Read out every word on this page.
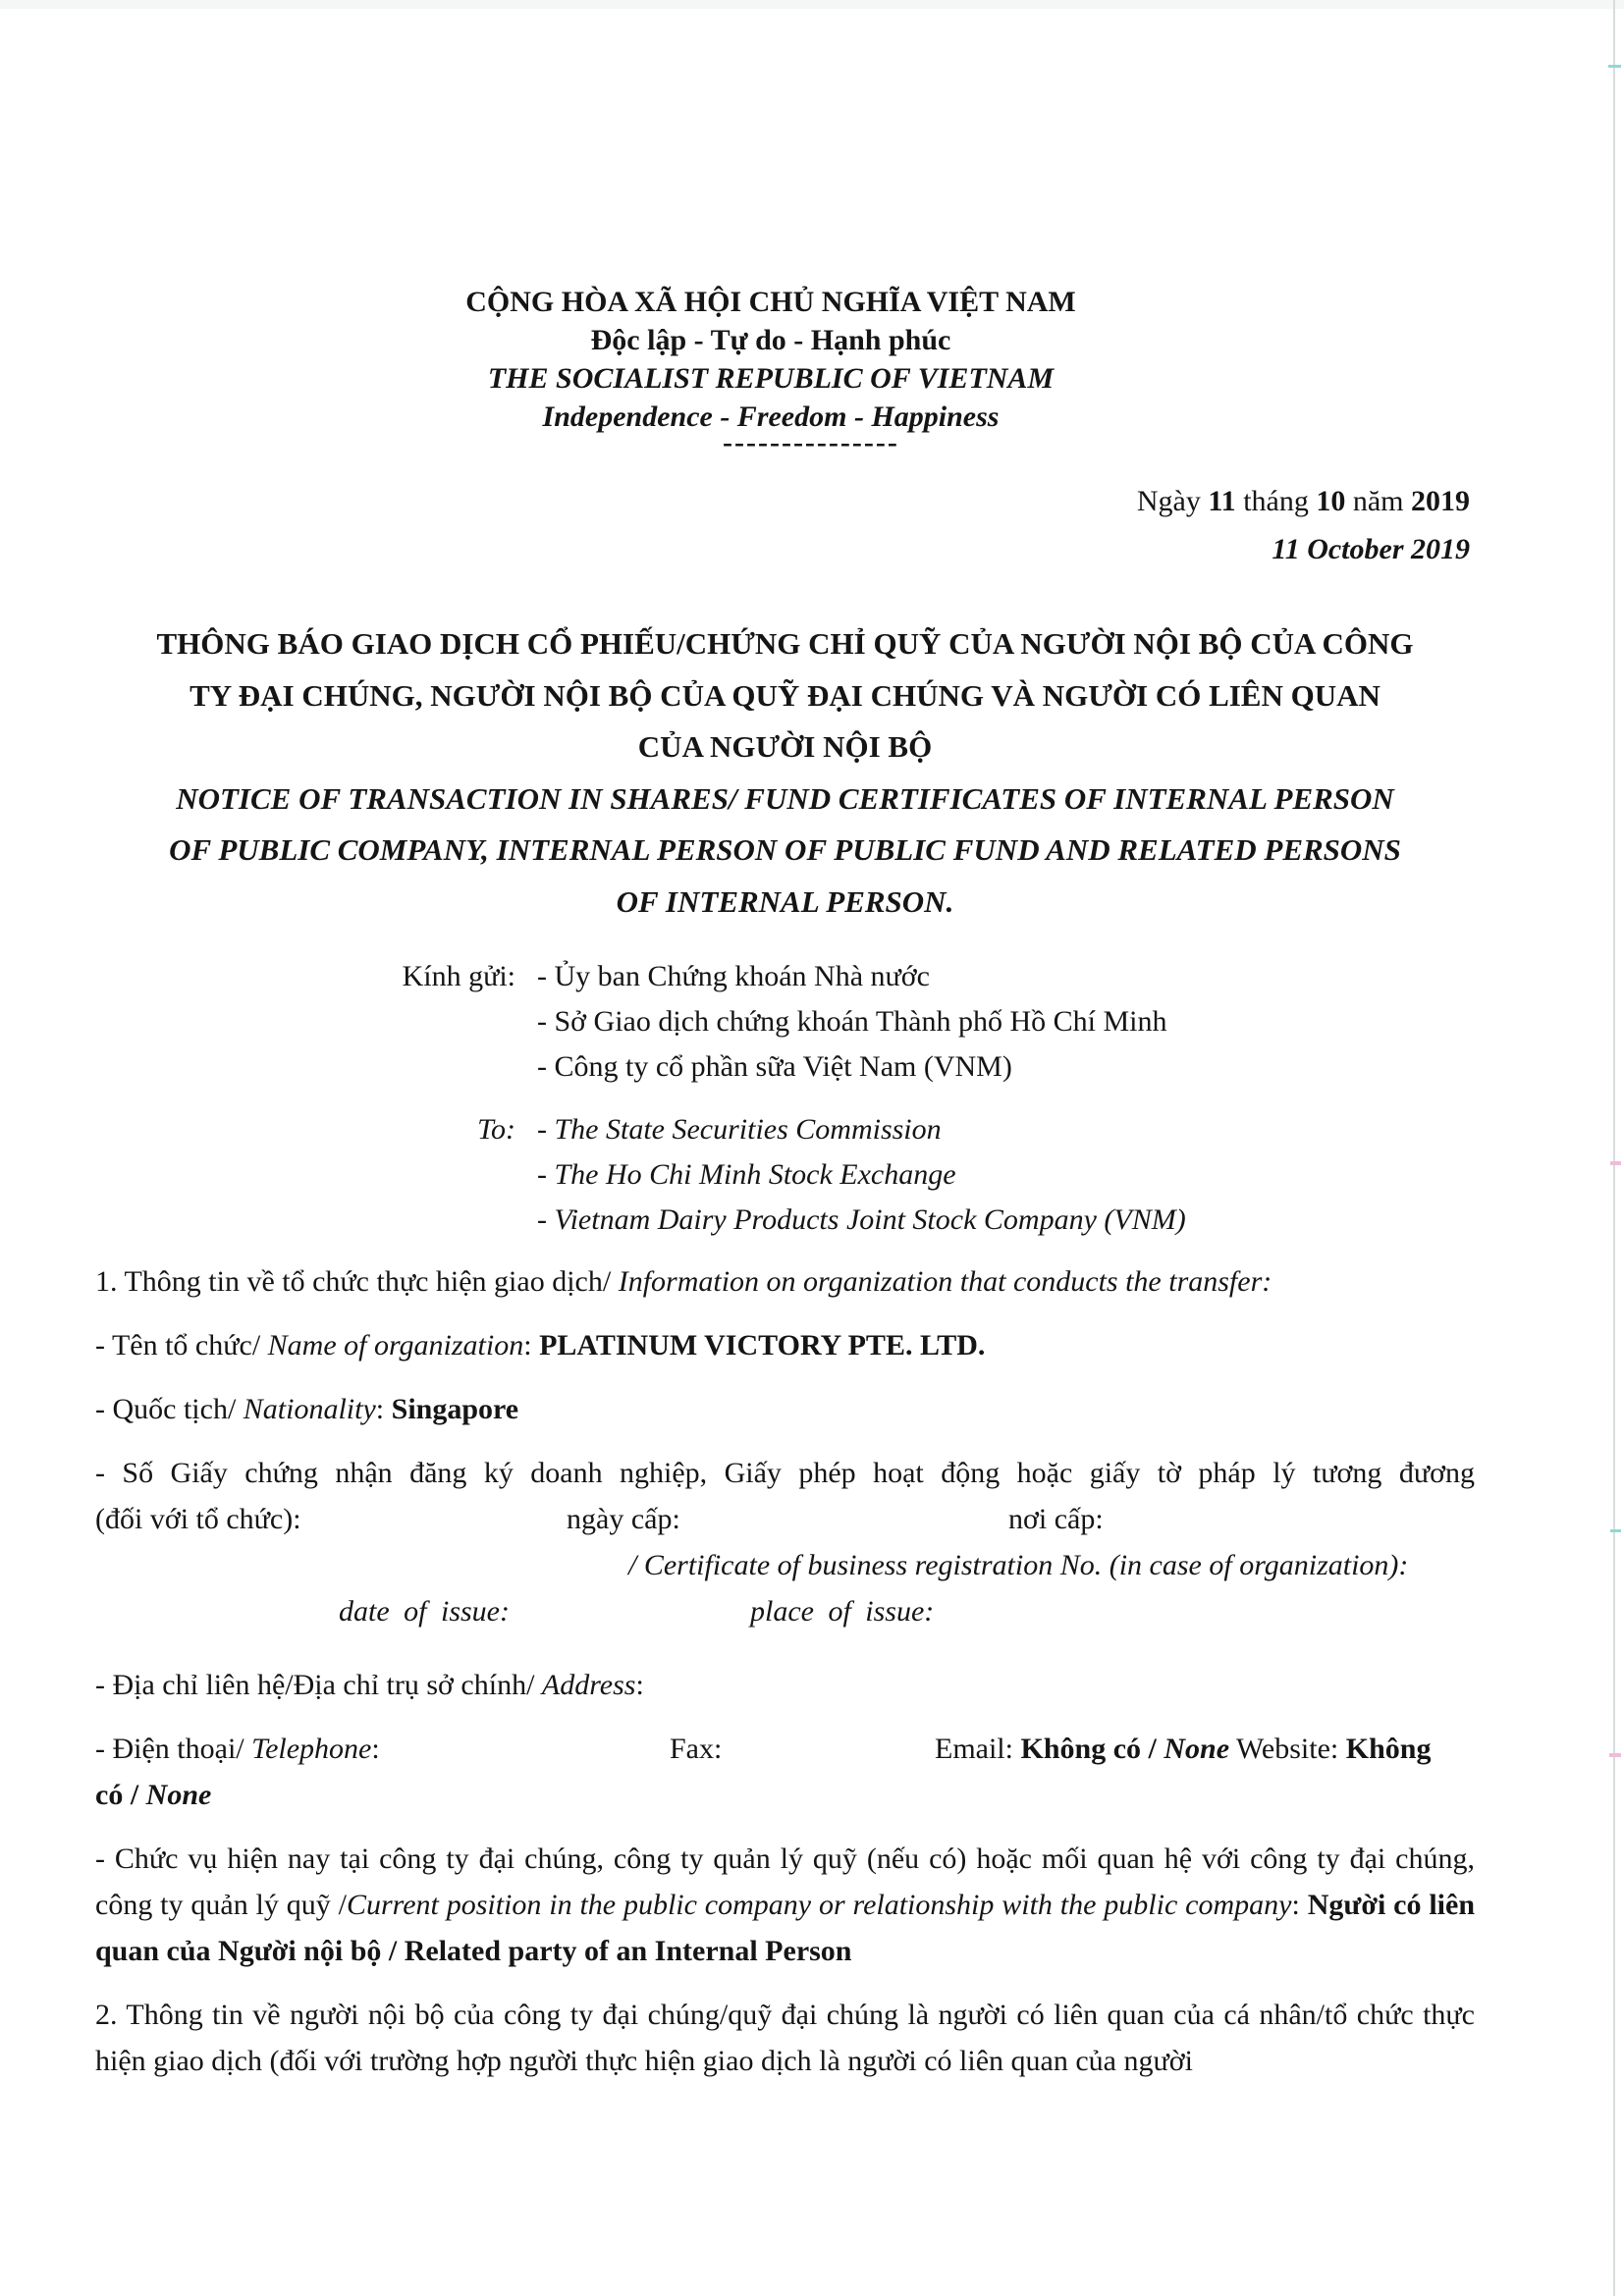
CỘNG HÒA XÃ HỘI CHỦ NGHĨA VIỆT NAM
Độc lập - Tự do - Hạnh phúc
THE SOCIALIST REPUBLIC OF VIETNAM
Independence - Freedom - Happiness
---------------
Ngày 11 tháng 10 năm 2019
11 October 2019
THÔNG BÁO GIAO DỊCH CỔ PHIẾU/CHỨNG CHỈ QUỸ CỦA NGƯỜI NỘI BỘ CỦA CÔNG
TY ĐẠI CHÚNG, NGƯỜI NỘI BỘ CỦA QUỸ ĐẠI CHÚNG VÀ NGƯỜI CÓ LIÊN QUAN
CỦA NGƯỜI NỘI BỘ
NOTICE OF TRANSACTION IN SHARES/ FUND CERTIFICATES OF INTERNAL PERSON
OF PUBLIC COMPANY, INTERNAL PERSON OF PUBLIC FUND AND RELATED PERSONS
OF INTERNAL PERSON.
Kính gửi: - Ủy ban Chứng khoán Nhà nước
- Sở Giao dịch chứng khoán Thành phố Hồ Chí Minh
- Công ty cổ phần sữa Việt Nam (VNM)
To: - The State Securities Commission
- The Ho Chi Minh Stock Exchange
- Vietnam Dairy Products Joint Stock Company (VNM)

1. Thông tin về tổ chức thực hiện giao dịch/ Information on organization that conducts the transfer:

- Tên tổ chức/ Name of organization: PLATINUM VICTORY PTE. LTD.

- Quốc tịch/ Nationality: Singapore

- Số Giấy chứng nhận đăng ký doanh nghiệp, Giấy phép hoạt động hoặc giấy tờ pháp lý tương đương
(đối với tổ chức):	ngày cấp:	nơi cấp:
/ Certificate of business registration No. (in case of organization):
date of issue:	place of issue:

- Địa chỉ liên hệ/Địa chỉ trụ sở chính/ Address:

- Điện thoại/ Telephone:	Fax:	Email: Không có / None Website: Không
có / None

- Chức vụ hiện nay tại công ty đại chúng, công ty quản lý quỹ (nếu có) hoặc mối quan hệ với công ty đại chúng, công ty quản lý quỹ /Current position in the public company or relationship with the public company: Người có liên quan của Người nội bộ / Related party of an Internal Person

2. Thông tin về người nội bộ của công ty đại chúng/quỹ đại chúng là người có liên quan của cá nhân/tổ chức thực hiện giao dịch (đối với trường hợp người thực hiện giao dịch là người có liên quan của người
